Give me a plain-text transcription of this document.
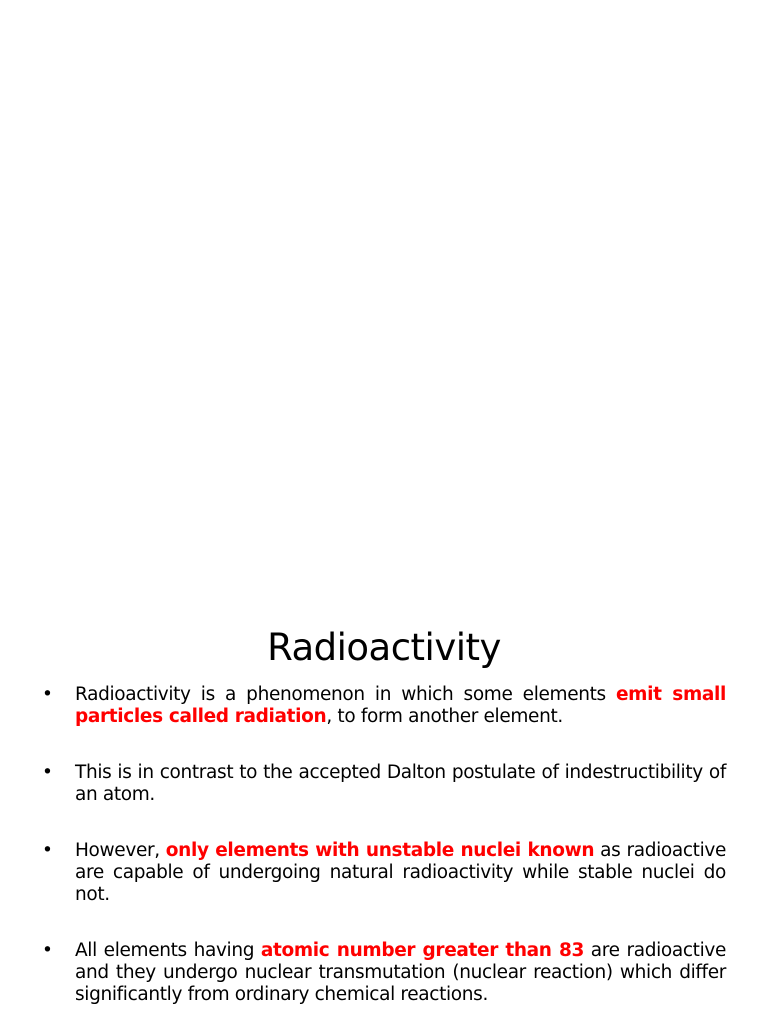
Radioactivity
•	Radioactivity is a phenomenon in which some elements emit small particles called radiation, to form another element.
•	This is in contrast to the accepted Dalton postulate of indestructibility of an atom.
•	However, only elements with unstable nuclei known as radioactive are capable of undergoing natural radioactivity while stable nuclei do not.
•	All elements having atomic number greater than 83 are radioactive and they undergo nuclear transmutation (nuclear reaction) which differ significantly from ordinary chemical reactions.
